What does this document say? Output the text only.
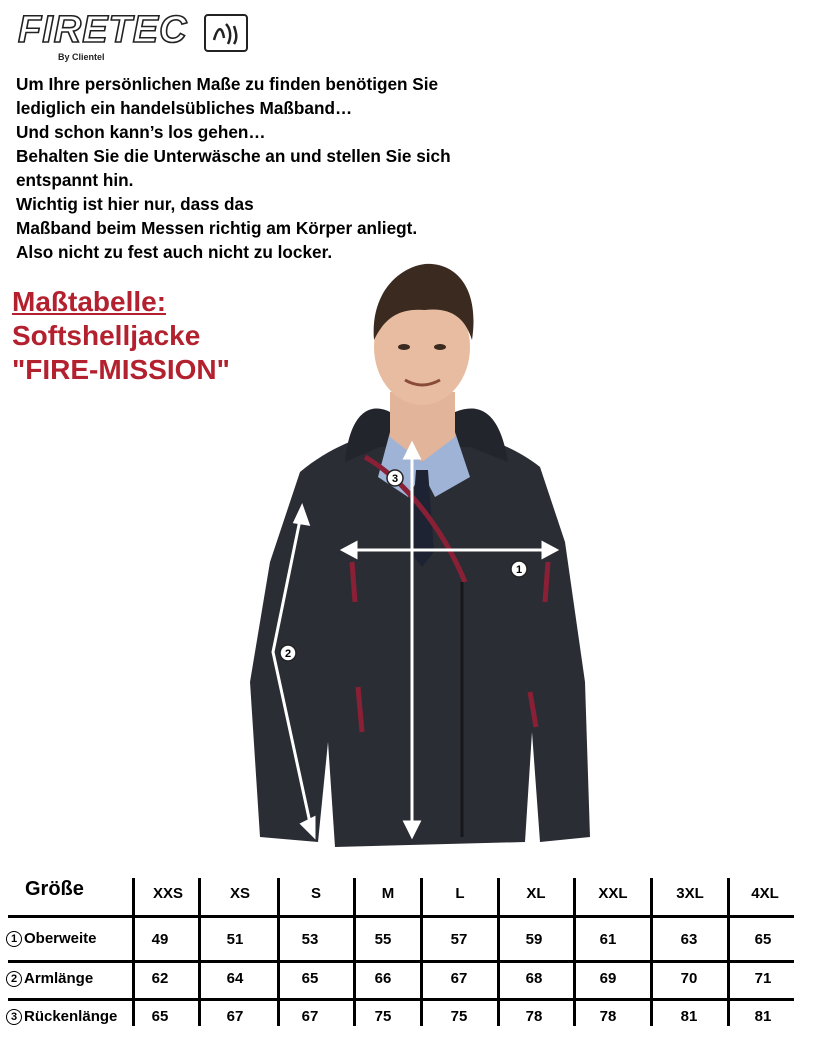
FIRETEC
By Clientel
Um Ihre persönlichen Maße zu finden benötigen Sie
lediglich ein handelsübliches Maßband…
Und schon kann’s los gehen…
Behalten Sie die Unterwäsche an und stellen Sie sich
entspannt hin.
Wichtig ist hier nur, dass das
Maßband beim Messen richtig am Körper anliegt.
Also nicht zu fest auch nicht zu locker.
Maßtabelle:
Softshelljacke
"FIRE-MISSION"
1
2
3
Größe	XXS	XS	S	M	L	XL	XXL	3XL	4XL
1 Oberweite	49	51	53	55	57	59	61	63	65
2 Armlänge	62	64	65	66	67	68	69	70	71
3 Rückenlänge	65	67	67	75	75	78	78	81	81
